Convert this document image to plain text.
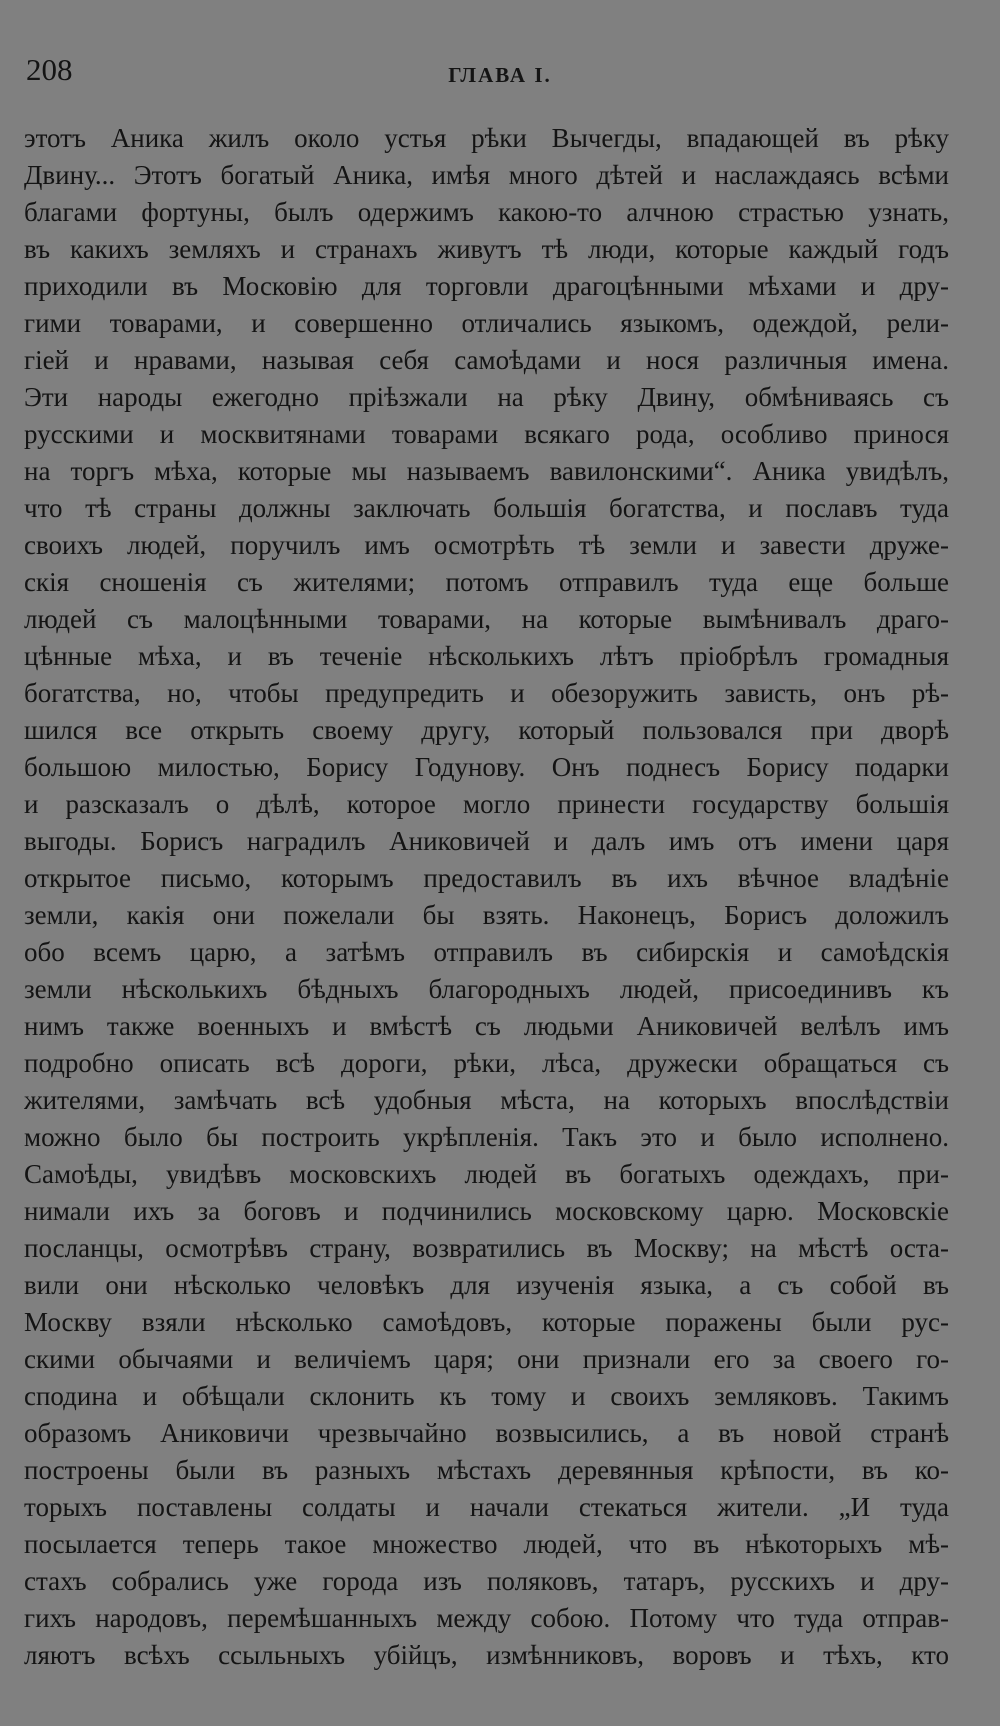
208	ГЛАВА I.
этотъ Аника жилъ около устья рѣки Вычегды, впадающей въ рѣку
Двину... Этотъ богатый Аника, имѣя много дѣтей и наслаждаясь всѣми
благами фортуны, былъ одержимъ какою-то алчною страстью узнать,
въ какихъ земляхъ и странахъ живутъ тѣ люди, которые каждый годъ
приходили въ Московію для торговли драгоцѣнными мѣхами и дру-
гими товарами, и совершенно отличались языкомъ, одеждой, рели-
гіей и нравами, называя себя самоѣдами и нося различныя имена.
Эти народы ежегодно пріѣзжали на рѣку Двину, обмѣниваясь съ
русскими и москвитянами товарами всякаго рода, особливо принося
на торгъ мѣха, которые мы называемъ вавилонскими“. Аника увидѣлъ,
что тѣ страны должны заключать большія богатства, и пославъ туда
своихъ людей, поручилъ имъ осмотрѣть тѣ земли и завести друже-
скія сношенія съ жителями; потомъ отправилъ туда еще больше
людей съ малоцѣнными товарами, на которые вымѣнивалъ драго-
цѣнные мѣха, и въ теченіе нѣсколькихъ лѣтъ пріобрѣлъ громадныя
богатства, но, чтобы предупредить и обезоружить зависть, онъ рѣ-
шился все открыть своему другу, который пользовался при дворѣ
большою милостью, Борису Годунову. Онъ поднесъ Борису подарки
и разсказалъ о дѣлѣ, которое могло принести государству большія
выгоды. Борисъ наградилъ Аниковичей и далъ имъ отъ имени царя
открытое письмо, которымъ предоставилъ въ ихъ вѣчное владѣніе
земли, какія они пожелали бы взять. Наконецъ, Борисъ доложилъ
обо всемъ царю, а затѣмъ отправилъ въ сибирскія и самоѣдскія
земли нѣсколькихъ бѣдныхъ благородныхъ людей, присоединивъ къ
нимъ также военныхъ и вмѣстѣ съ людьми Аниковичей велѣлъ имъ
подробно описать всѣ дороги, рѣки, лѣса, дружески обращаться съ
жителями, замѣчать всѣ удобныя мѣста, на которыхъ впослѣдствіи
можно было бы построить укрѣпленія. Такъ это и было исполнено.
Самоѣды, увидѣвъ московскихъ людей въ богатыхъ одеждахъ, при-
нимали ихъ за боговъ и подчинились московскому царю. Московскіе
посланцы, осмотрѣвъ страну, возвратились въ Москву; на мѣстѣ оста-
вили они нѣсколько человѣкъ для изученія языка, а съ собой въ
Москву взяли нѣсколько самоѣдовъ, которые поражены были рус-
скими обычаями и величіемъ царя; они признали его за своего го-
сподина и обѣщали склонить къ тому и своихъ земляковъ. Такимъ
образомъ Аниковичи чрезвычайно возвысились, а въ новой странѣ
построены были въ разныхъ мѣстахъ деревянныя крѣпости, въ ко-
торыхъ поставлены солдаты и начали стекаться жители. „И туда
посылается теперь такое множество людей, что въ нѣкоторыхъ мѣ-
стахъ собрались уже города изъ поляковъ, татаръ, русскихъ и дру-
гихъ народовъ, перемѣшанныхъ между собою. Потому что туда отправ-
ляютъ всѣхъ ссыльныхъ убійцъ, измѣнниковъ, воровъ и тѣхъ, кто
